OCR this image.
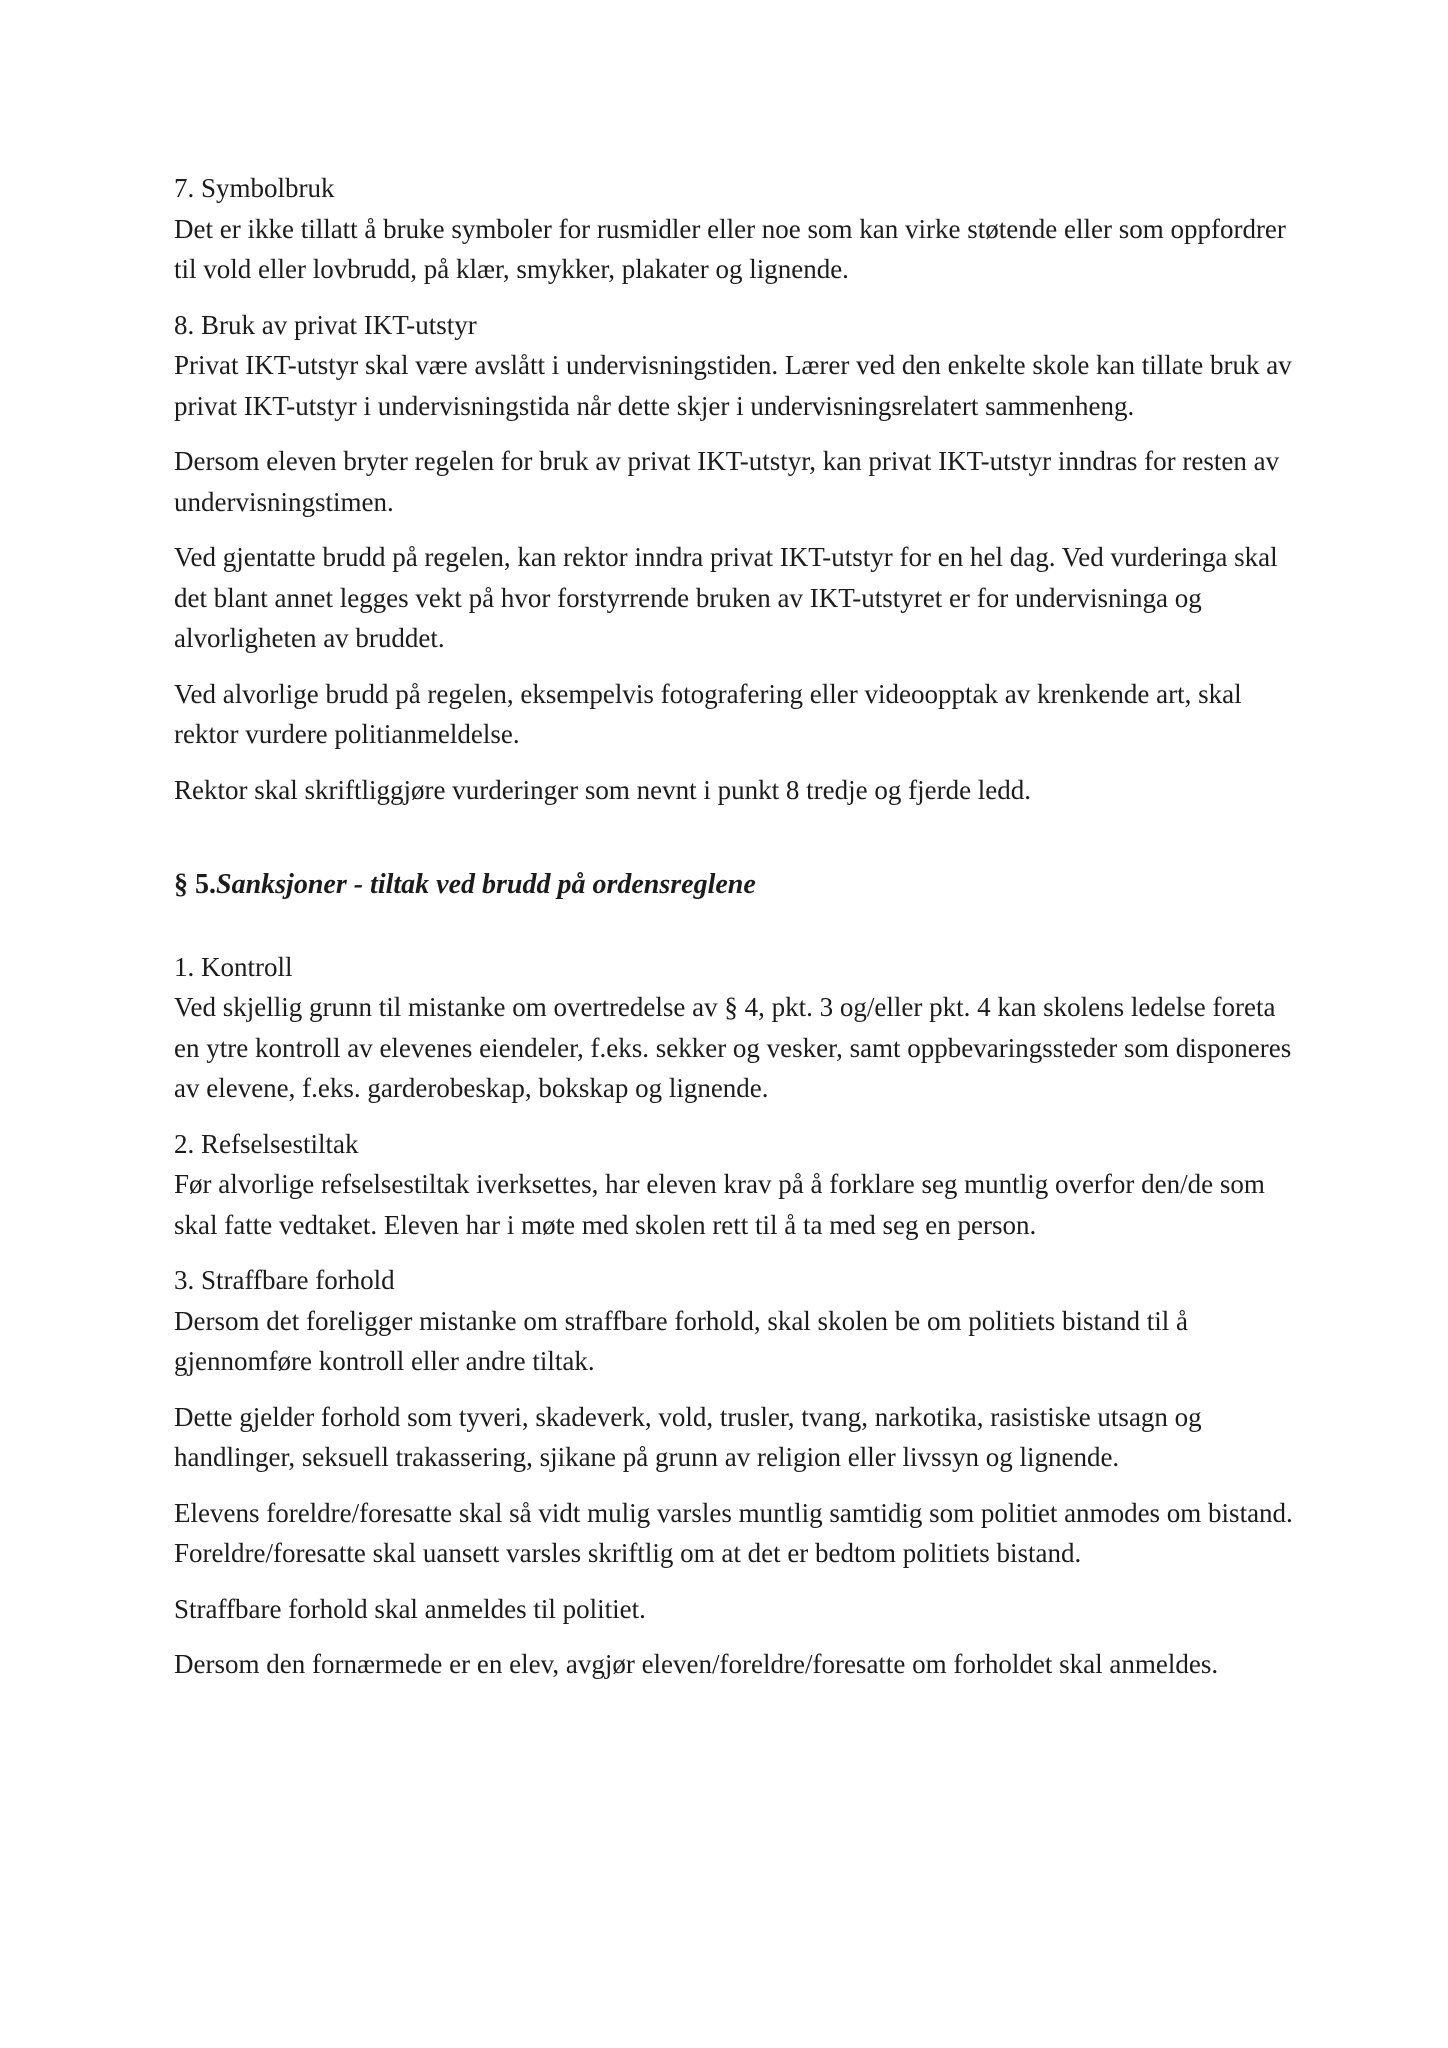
7. Symbolbruk

Det er ikke tillatt å bruke symboler for rusmidler eller noe som kan virke støtende eller som oppfordrer til vold eller lovbrudd, på klær, smykker, plakater og lignende.

8. Bruk av privat IKT-utstyr

Privat IKT-utstyr skal være avslått i undervisningstiden. Lærer ved den enkelte skole kan tillate bruk av privat IKT-utstyr i undervisningstida når dette skjer i undervisningsrelatert sammenheng.

Dersom eleven bryter regelen for bruk av privat IKT-utstyr, kan privat IKT-utstyr inndras for resten av undervisningstimen.

Ved gjentatte brudd på regelen, kan rektor inndra privat IKT-utstyr for en hel dag. Ved vurderinga skal det blant annet legges vekt på hvor forstyrrende bruken av IKT-utstyret er for undervisninga og alvorligheten av bruddet.

Ved alvorlige brudd på regelen, eksempelvis fotografering eller videoopptak av krenkende art, skal rektor vurdere politianmeldelse.

Rektor skal skriftliggjøre vurderinger som nevnt i punkt 8 tredje og fjerde ledd.

§ 5.Sanksjoner - tiltak ved brudd på ordensreglene

1. Kontroll

Ved skjellig grunn til mistanke om overtredelse av § 4, pkt. 3 og/eller pkt. 4 kan skolens ledelse foreta en ytre kontroll av elevenes eiendeler, f.eks. sekker og vesker, samt oppbevaringssteder som disponeres av elevene, f.eks. garderobeskap, bokskap og lignende.

2. Refselsestiltak

Før alvorlige refselsestiltak iverksettes, har eleven krav på å forklare seg muntlig overfor den/de som skal fatte vedtaket. Eleven har i møte med skolen rett til å ta med seg en person.

3. Straffbare forhold

Dersom det foreligger mistanke om straffbare forhold, skal skolen be om politiets bistand til å gjennomføre kontroll eller andre tiltak.

Dette gjelder forhold som tyveri, skadeverk, vold, trusler, tvang, narkotika, rasistiske utsagn og handlinger, seksuell trakassering, sjikane på grunn av religion eller livssyn og lignende.

Elevens foreldre/foresatte skal så vidt mulig varsles muntlig samtidig som politiet anmodes om bistand. Foreldre/foresatte skal uansett varsles skriftlig om at det er bedtom politiets bistand.

Straffbare forhold skal anmeldes til politiet.

Dersom den fornærmede er en elev, avgjør eleven/foreldre/foresatte om forholdet skal anmeldes.
